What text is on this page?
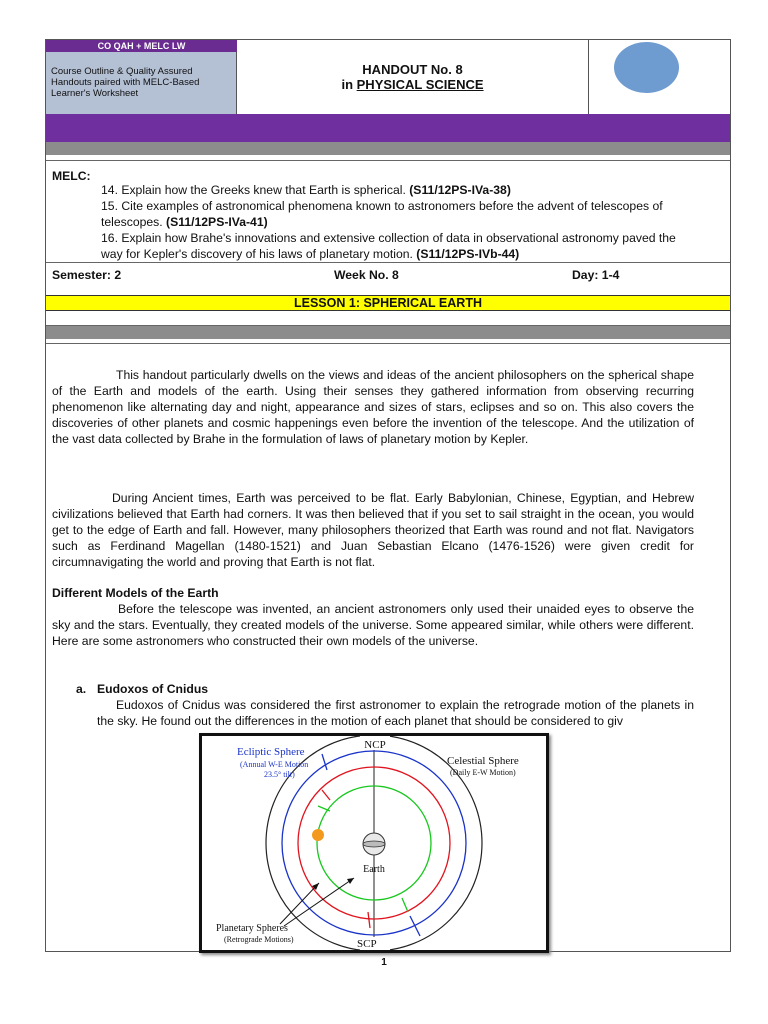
CO QAH + MELC LW
Course Outline & Quality Assured Handouts paired with MELC-Based Learner's Worksheet
HANDOUT No. 8
in PHYSICAL SCIENCE
MELC:
14. Explain how the Greeks knew that Earth is spherical. (S11/12PS-IVa-38)
15. Cite examples of astronomical phenomena known to astronomers before the advent of telescopes of telescopes. (S11/12PS-IVa-41)
16. Explain how Brahe's innovations and extensive collection of data in observational astronomy paved the way for Kepler's discovery of his laws of planetary motion. (S11/12PS-IVb-44)
Semester: 2	Week No. 8	Day: 1-4
LESSON 1: SPHERICAL EARTH
This handout particularly dwells on the views and ideas of the ancient philosophers on the spherical shape of the Earth and models of the earth. Using their senses they gathered information from observing recurring phenomenon like alternating day and night, appearance and sizes of stars, eclipses and so on. This also covers the discoveries of other planets and cosmic happenings even before the invention of the telescope. And the utilization of the vast data collected by Brahe in the formulation of laws of planetary motion by Kepler.
During Ancient times, Earth was perceived to be flat. Early Babylonian, Chinese, Egyptian, and Hebrew civilizations believed that Earth had corners. It was then believed that if you set to sail straight in the ocean, you would get to the edge of Earth and fall. However, many philosophers theorized that Earth was round and not flat. Navigators such as Ferdinand Magellan (1480-1521) and Juan Sebastian Elcano (1476-1526) were given credit for circumnavigating the world and proving that Earth is not flat.
Different Models of the Earth
Before the telescope was invented, an ancient astronomers only used their unaided eyes to observe the sky and the stars. Eventually, they created models of the universe. Some appeared similar, while others were different. Here are some astronomers who constructed their own models of the universe.
a. Eudoxos of Cnidus
Eudoxos of Cnidus was considered the first astronomer to explain the retrograde motion of the planets in the sky. He found out the differences in the motion of each planet that should be considered to giv
Ecliptic Sphere
(Annual W-E Motion
23.5° tilt)
NCP
Celestial Sphere
(Daily E-W Motion)
Earth
Planetary Spheres
(Retrograde Motions)	SCP
1
